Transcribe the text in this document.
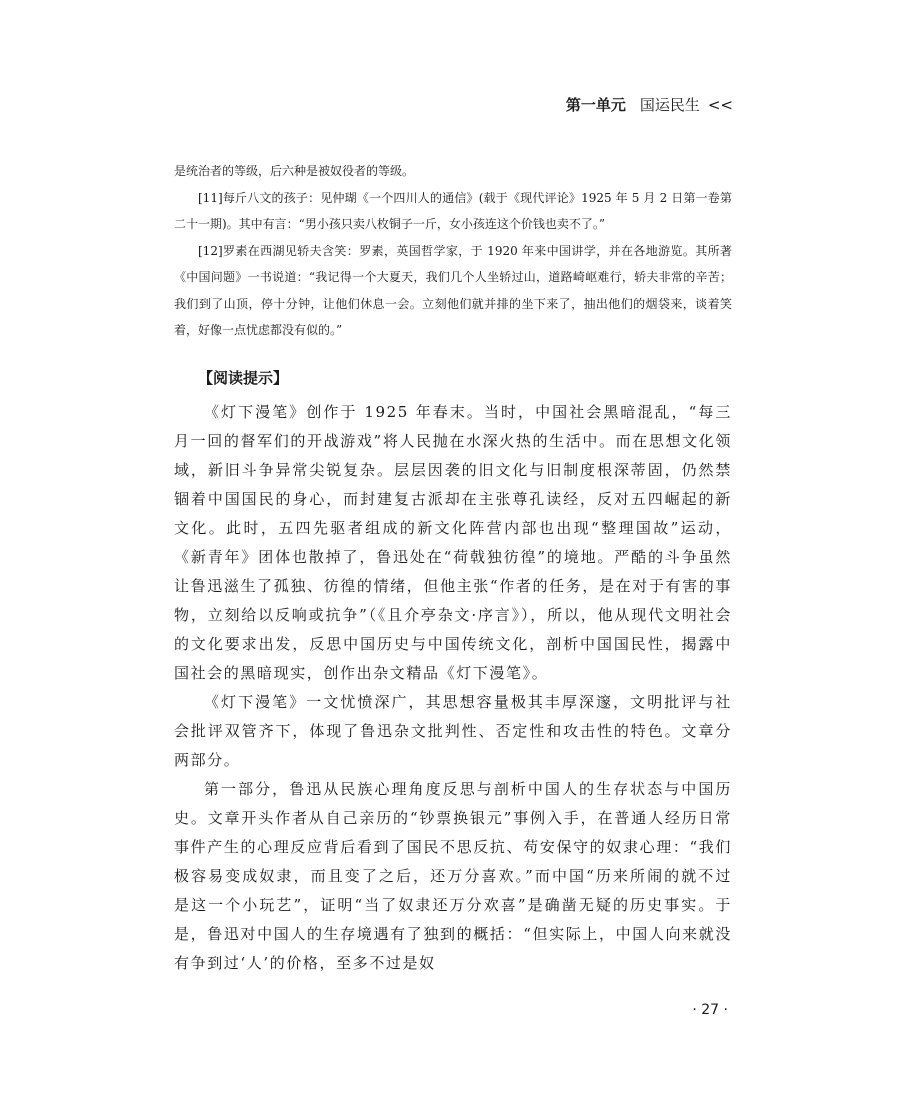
第一单元 国运民生 <<

是统治者的等级，后六种是被奴役者的等级。

[11]每斤八文的孩子：见仲瑚《一个四川人的通信》(载于《现代评论》1925 年 5 月 2 日第一卷第二十一期)。其中有言：“男小孩只卖八枚铜子一斤，女小孩连这个价钱也卖不了。”

[12]罗素在西湖见轿夫含笑：罗素，英国哲学家，于 1920 年来中国讲学，并在各地游览。其所著《中国问题》一书说道：“我记得一个大夏天，我们几个人坐轿过山，道路崎岖难行，轿夫非常的辛苦；我们到了山顶，停十分钟，让他们休息一会。立刻他们就并排的坐下来了，抽出他们的烟袋来，谈着笑着，好像一点忧虑都没有似的。”

【阅读提示】

《灯下漫笔》创作于 1925 年春末。当时，中国社会黑暗混乱，“每三月一回的督军们的开战游戏”将人民抛在水深火热的生活中。而在思想文化领域，新旧斗争异常尖锐复杂。层层因袭的旧文化与旧制度根深蒂固，仍然禁锢着中国国民的身心，而封建复古派却在主张尊孔读经，反对五四崛起的新文化。此时，五四先驱者组成的新文化阵营内部也出现“整理国故”运动，《新青年》团体也散掉了，鲁迅处在“荷戟独彷徨”的境地。严酷的斗争虽然让鲁迅滋生了孤独、彷徨的情绪，但他主张“作者的任务，是在对于有害的事物，立刻给以反响或抗争”（《且介亭杂文·序言》），所以，他从现代文明社会的文化要求出发，反思中国历史与中国传统文化，剖析中国国民性，揭露中国社会的黑暗现实，创作出杂文精品《灯下漫笔》。

《灯下漫笔》一文忧愤深广，其思想容量极其丰厚深邃，文明批评与社会批评双管齐下，体现了鲁迅杂文批判性、否定性和攻击性的特色。文章分两部分。

第一部分，鲁迅从民族心理角度反思与剖析中国人的生存状态与中国历史。文章开头作者从自己亲历的“钞票换银元”事例入手，在普通人经历日常事件产生的心理反应背后看到了国民不思反抗、苟安保守的奴隶心理：“我们极容易变成奴隶，而且变了之后，还万分喜欢。”而中国“历来所闹的就不过是这一个小玩艺”，证明“当了奴隶还万分欢喜”是确凿无疑的历史事实。于是，鲁迅对中国人的生存境遇有了独到的概括：“但实际上，中国人向来就没有争到过‘人’的价格，至多不过是奴

· 27 ·
